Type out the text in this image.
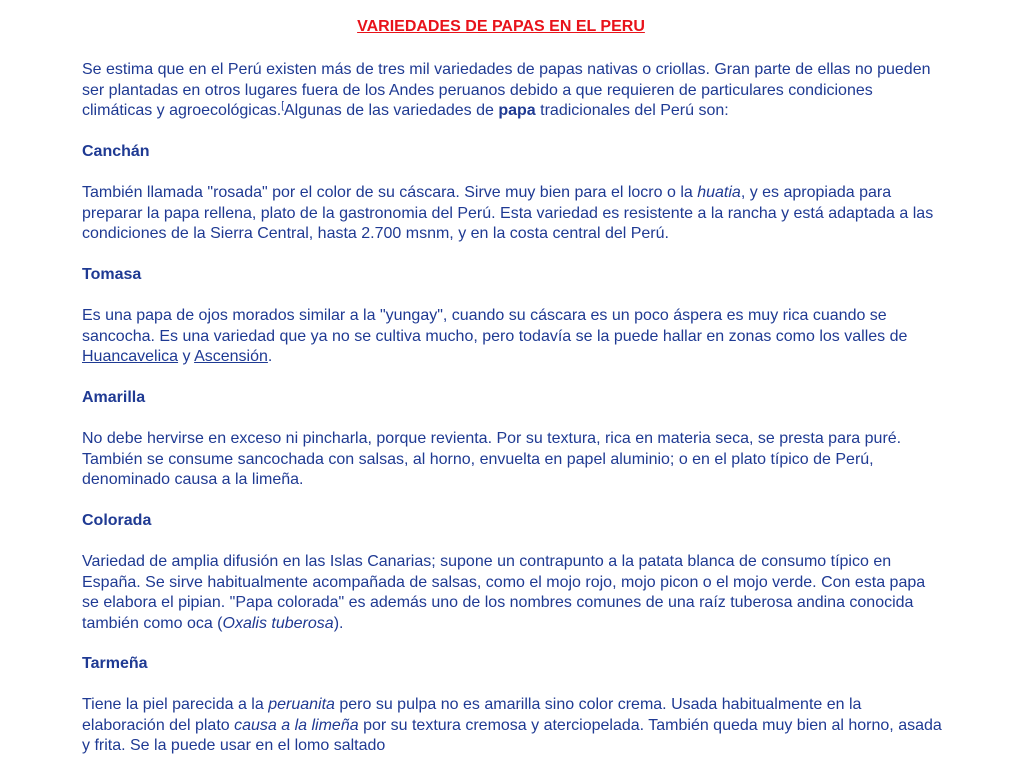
VARIEDADES DE PAPAS EN EL PERU

Se estima que en el Perú existen más de tres mil variedades de papas nativas o criollas. Gran parte de ellas no pueden ser plantadas en otros lugares fuera de los Andes peruanos debido a que requieren de particulares condiciones climáticas y agroecológicas.[Algunas de las variedades de papa tradicionales del Perú son:

Canchán

También llamada "rosada" por el color de su cáscara. Sirve muy bien para el locro o la huatia, y es apropiada para preparar la papa rellena, plato de la gastronomia del Perú. Esta variedad es resistente a la rancha y está adaptada a las condiciones de la Sierra Central, hasta 2.700 msnm, y en la costa central del Perú.

Tomasa

Es una papa de ojos morados similar a la "yungay", cuando su cáscara es un poco áspera es muy rica cuando se sancocha. Es una variedad que ya no se cultiva mucho, pero todavía se la puede hallar en zonas como los valles de Huancavelica y Ascensión.

Amarilla

No debe hervirse en exceso ni pincharla, porque revienta. Por su textura, rica en materia seca, se presta para puré. También se consume sancochada con salsas, al horno, envuelta en papel aluminio; o en el plato típico de Perú, denominado causa a la limeña.

Colorada

Variedad de amplia difusión en las Islas Canarias; supone un contrapunto a la patata blanca de consumo típico en España. Se sirve habitualmente acompañada de salsas, como el mojo rojo, mojo picon o el mojo verde. Con esta papa se elabora el pipian. "Papa colorada" es además uno de los nombres comunes de una raíz tuberosa andina conocida también como oca (Oxalis tuberosa).

Tarmeña

Tiene la piel parecida a la peruanita pero su pulpa no es amarilla sino color crema. Usada habitualmente en la elaboración del plato causa a la limeña por su textura cremosa y aterciopelada. También queda muy bien al horno, asada y frita. Se la puede usar en el lomo saltado
